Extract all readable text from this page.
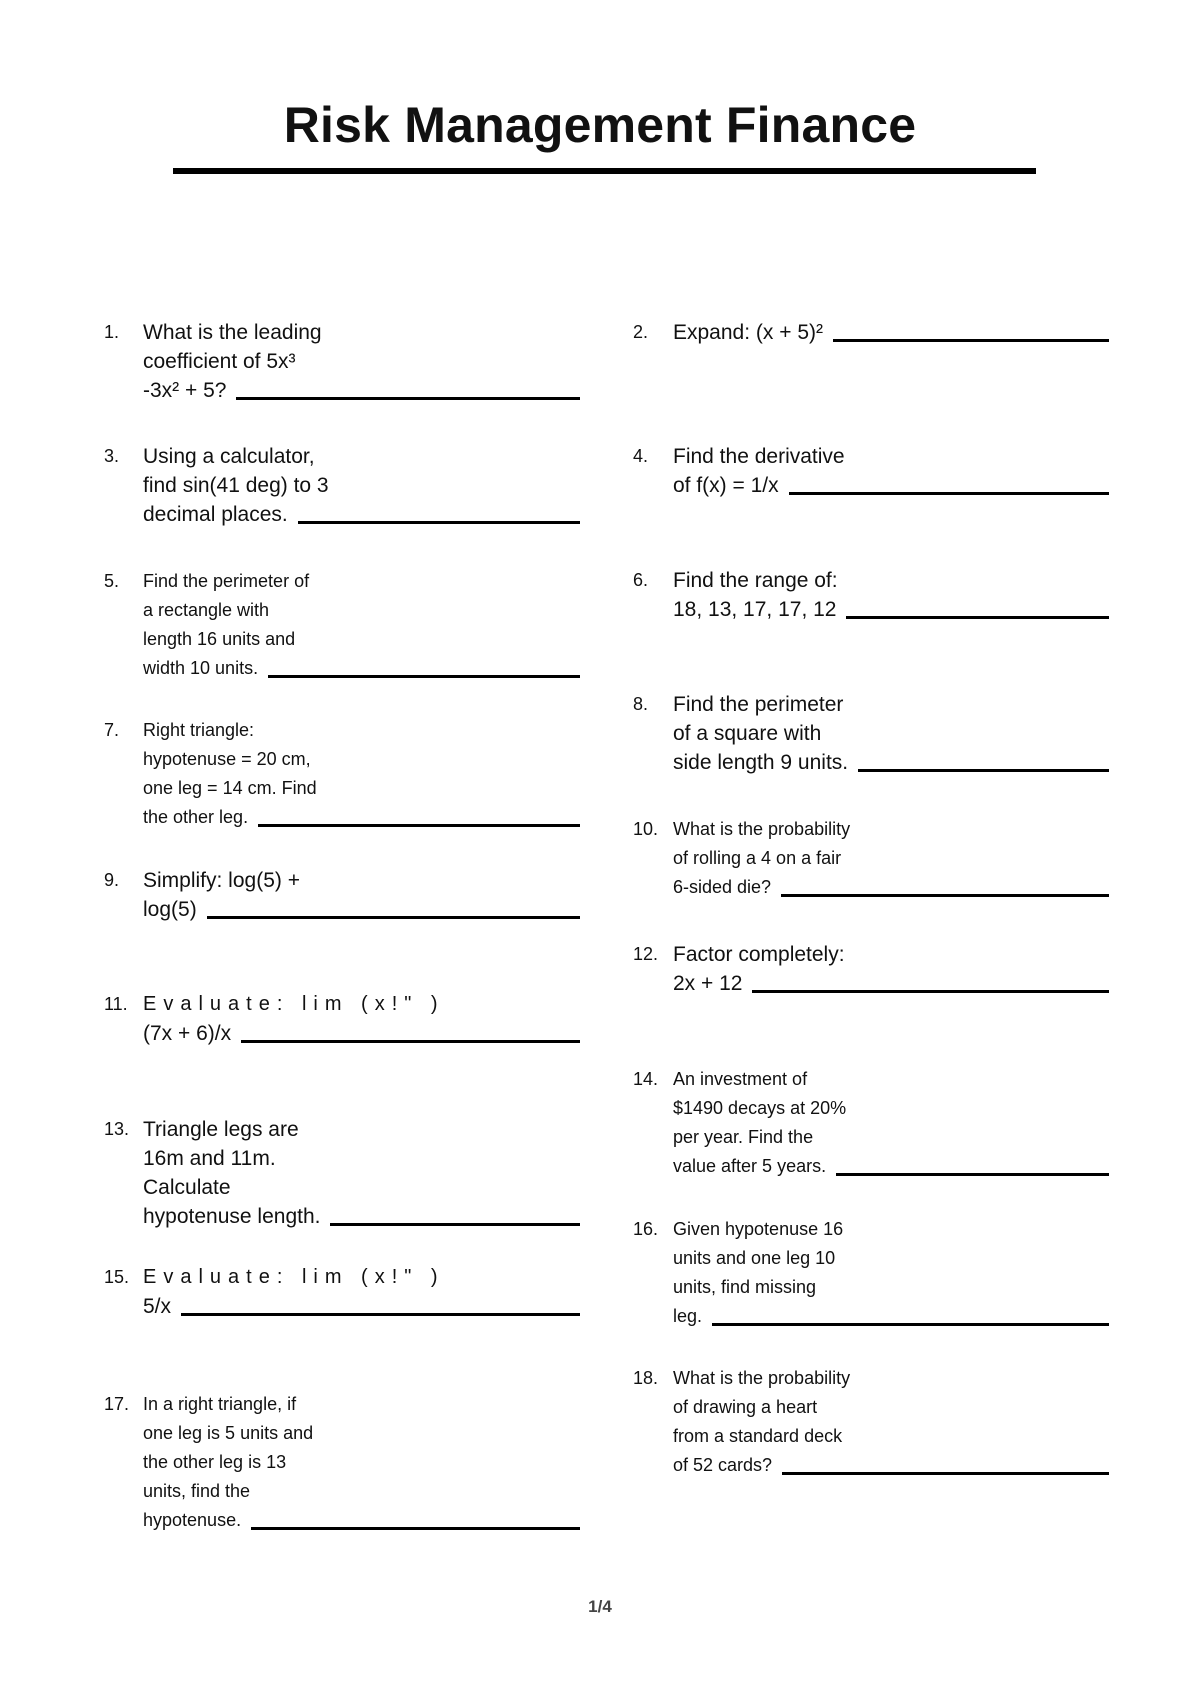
Risk Management Finance
1. What is the leading
coefficient of 5x³
-3x² + 5?
3. Using a calculator,
find sin(41 deg) to 3
decimal places.
5. Find the perimeter of
a rectangle with
length 16 units and
width 10 units.
7. Right triangle:
hypotenuse = 20 cm,
one leg = 14 cm. Find
the other leg.
9. Simplify: log(5) +
log(5)
11. Evaluate: lim (x!" )
(7x + 6)/x
13. Triangle legs are
16m and 11m.
Calculate
hypotenuse length.
15. Evaluate: lim (x!" )
5/x
17. In a right triangle, if
one leg is 5 units and
the other leg is 13
units, find the
hypotenuse.
2. Expand: (x + 5)²
4. Find the derivative
of f(x) = 1/x
6. Find the range of:
18, 13, 17, 17, 12
8. Find the perimeter
of a square with
side length 9 units.
10. What is the probability
of rolling a 4 on a fair
6-sided die?
12. Factor completely:
2x + 12
14. An investment of
$1490 decays at 20%
per year. Find the
value after 5 years.
16. Given hypotenuse 16
units and one leg 10
units, find missing
leg.
18. What is the probability
of drawing a heart
from a standard deck
of 52 cards?
1/4
